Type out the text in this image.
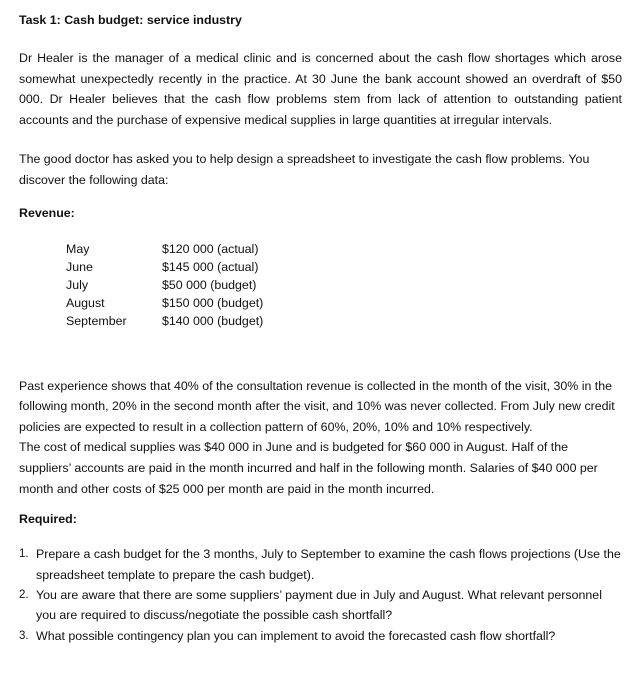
Task 1: Cash budget: service industry

Dr Healer is the manager of a medical clinic and is concerned about the cash flow shortages which arose somewhat unexpectedly recently in the practice. At 30 June the bank account showed an overdraft of $50 000. Dr Healer believes that the cash flow problems stem from lack of attention to outstanding patient accounts and the purchase of expensive medical supplies in large quantities at irregular intervals.

The good doctor has asked you to help design a spreadsheet to investigate the cash flow problems. You discover the following data:

Revenue:
May	$120 000 (actual)
June	$145 000 (actual)
July	$50 000 (budget)
August	$150 000 (budget)
September	$140 000 (budget)

Past experience shows that 40% of the consultation revenue is collected in the month of the visit, 30% in the following month, 20% in the second month after the visit, and 10% was never collected. From July new credit policies are expected to result in a collection pattern of 60%, 20%, 10% and 10% respectively.

The cost of medical supplies was $40 000 in June and is budgeted for $60 000 in August. Half of the suppliers’ accounts are paid in the month incurred and half in the following month. Salaries of $40 000 per month and other costs of $25 000 per month are paid in the month incurred.

Required:
1. Prepare a cash budget for the 3 months, July to September to examine the cash flows projections (Use the spreadsheet template to prepare the cash budget).
2. You are aware that there are some suppliers’ payment due in July and August. What relevant personnel you are required to discuss/negotiate the possible cash shortfall?
3. What possible contingency plan you can implement to avoid the forecasted cash flow shortfall?
